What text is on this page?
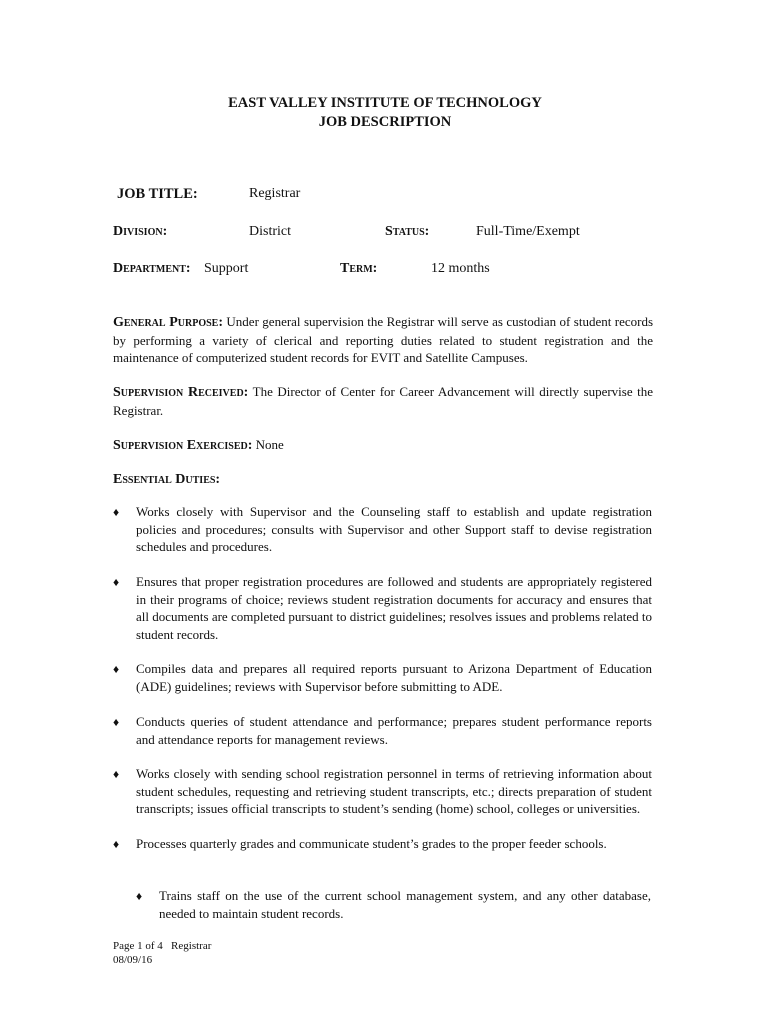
EAST VALLEY INSTITUTE OF TECHNOLOGY
JOB DESCRIPTION
JOB TITLE:	Registrar
Division:	District	Status:	Full-Time/Exempt
Department: Support	Term:	12 months
General Purpose: Under general supervision the Registrar will serve as custodian of student records by performing a variety of clerical and reporting duties related to student registration and the maintenance of computerized student records for EVIT and Satellite Campuses.
Supervision Received: The Director of Center for Career Advancement will directly supervise the Registrar.
Supervision Exercised: None
Essential Duties:
♦ Works closely with Supervisor and the Counseling staff to establish and update registration policies and procedures; consults with Supervisor and other Support staff to devise registration schedules and procedures.
♦ Ensures that proper registration procedures are followed and students are appropriately registered in their programs of choice; reviews student registration documents for accuracy and ensures that all documents are completed pursuant to district guidelines; resolves issues and problems related to student records.
♦ Compiles data and prepares all required reports pursuant to Arizona Department of Education (ADE) guidelines; reviews with Supervisor before submitting to ADE.
♦ Conducts queries of student attendance and performance; prepares student performance reports and attendance reports for management reviews.
♦ Works closely with sending school registration personnel in terms of retrieving information about student schedules, requesting and retrieving student transcripts, etc.; directs preparation of student transcripts; issues official transcripts to student’s sending (home) school, colleges or universities.
♦ Processes quarterly grades and communicate student’s grades to the proper feeder schools.
♦ Trains staff on the use of the current school management system, and any other database, needed to maintain student records.
Page 1 of 4 Registrar
08/09/16
